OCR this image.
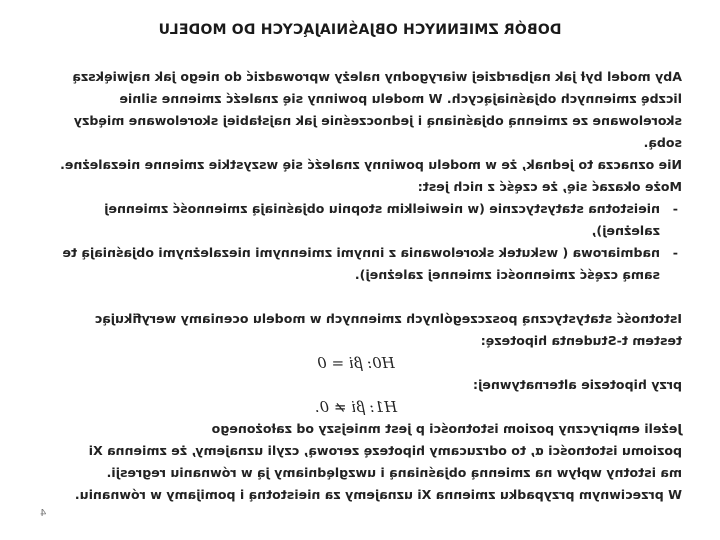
DOBÓR ZMIENNYCH OBJAŚNIAJĄCYCH DO MODELU

Aby model był jak najbardziej wiarygodny należy wprowadzić do niego jak największą

liczbę zmiennych objaśniających. W modelu powinny się znaleźć zmienne silnie

skorelowane ze zmienną objaśnianą i jednocześnie jak najsłabiej skorelowane między

sobą.

Nie oznacza to jednak, że w modelu powinny znaleźć się wszystkie zmienne niezależne.

Może okazać się, że część z nich jest:

-

nieistotna statystycznie (w niewielkim stopniu objaśniają zmienność zmiennej

zależnej),

-

nadmiarowa ( wskutek skorelowania z innymi zmiennymi niezależnymi objaśniają te

samą część zmienności zmiennej zależnej).

Istotność statystyczną poszczególnych zmiennych w modelu oceniamy weryfikując

testem t-Studenta hipotezę:

H0: βi = 0

przy hipotezie alternatywnej:

H1: βi ≠ 0.

Jeżeli empiryczny poziom istotności p jest mniejszy od założonego

poziomu istotności α, to odrzucamy hipotezę zerową, czyli uznajemy, że zmienna Xi

ma istotny wpływ na zmienną objaśnianą i uwzględniamy ją w równaniu regresji.

W przeciwnym przypadku zmienna Xi uznajemy za nieistotną i pomijamy w równaniu.

4
